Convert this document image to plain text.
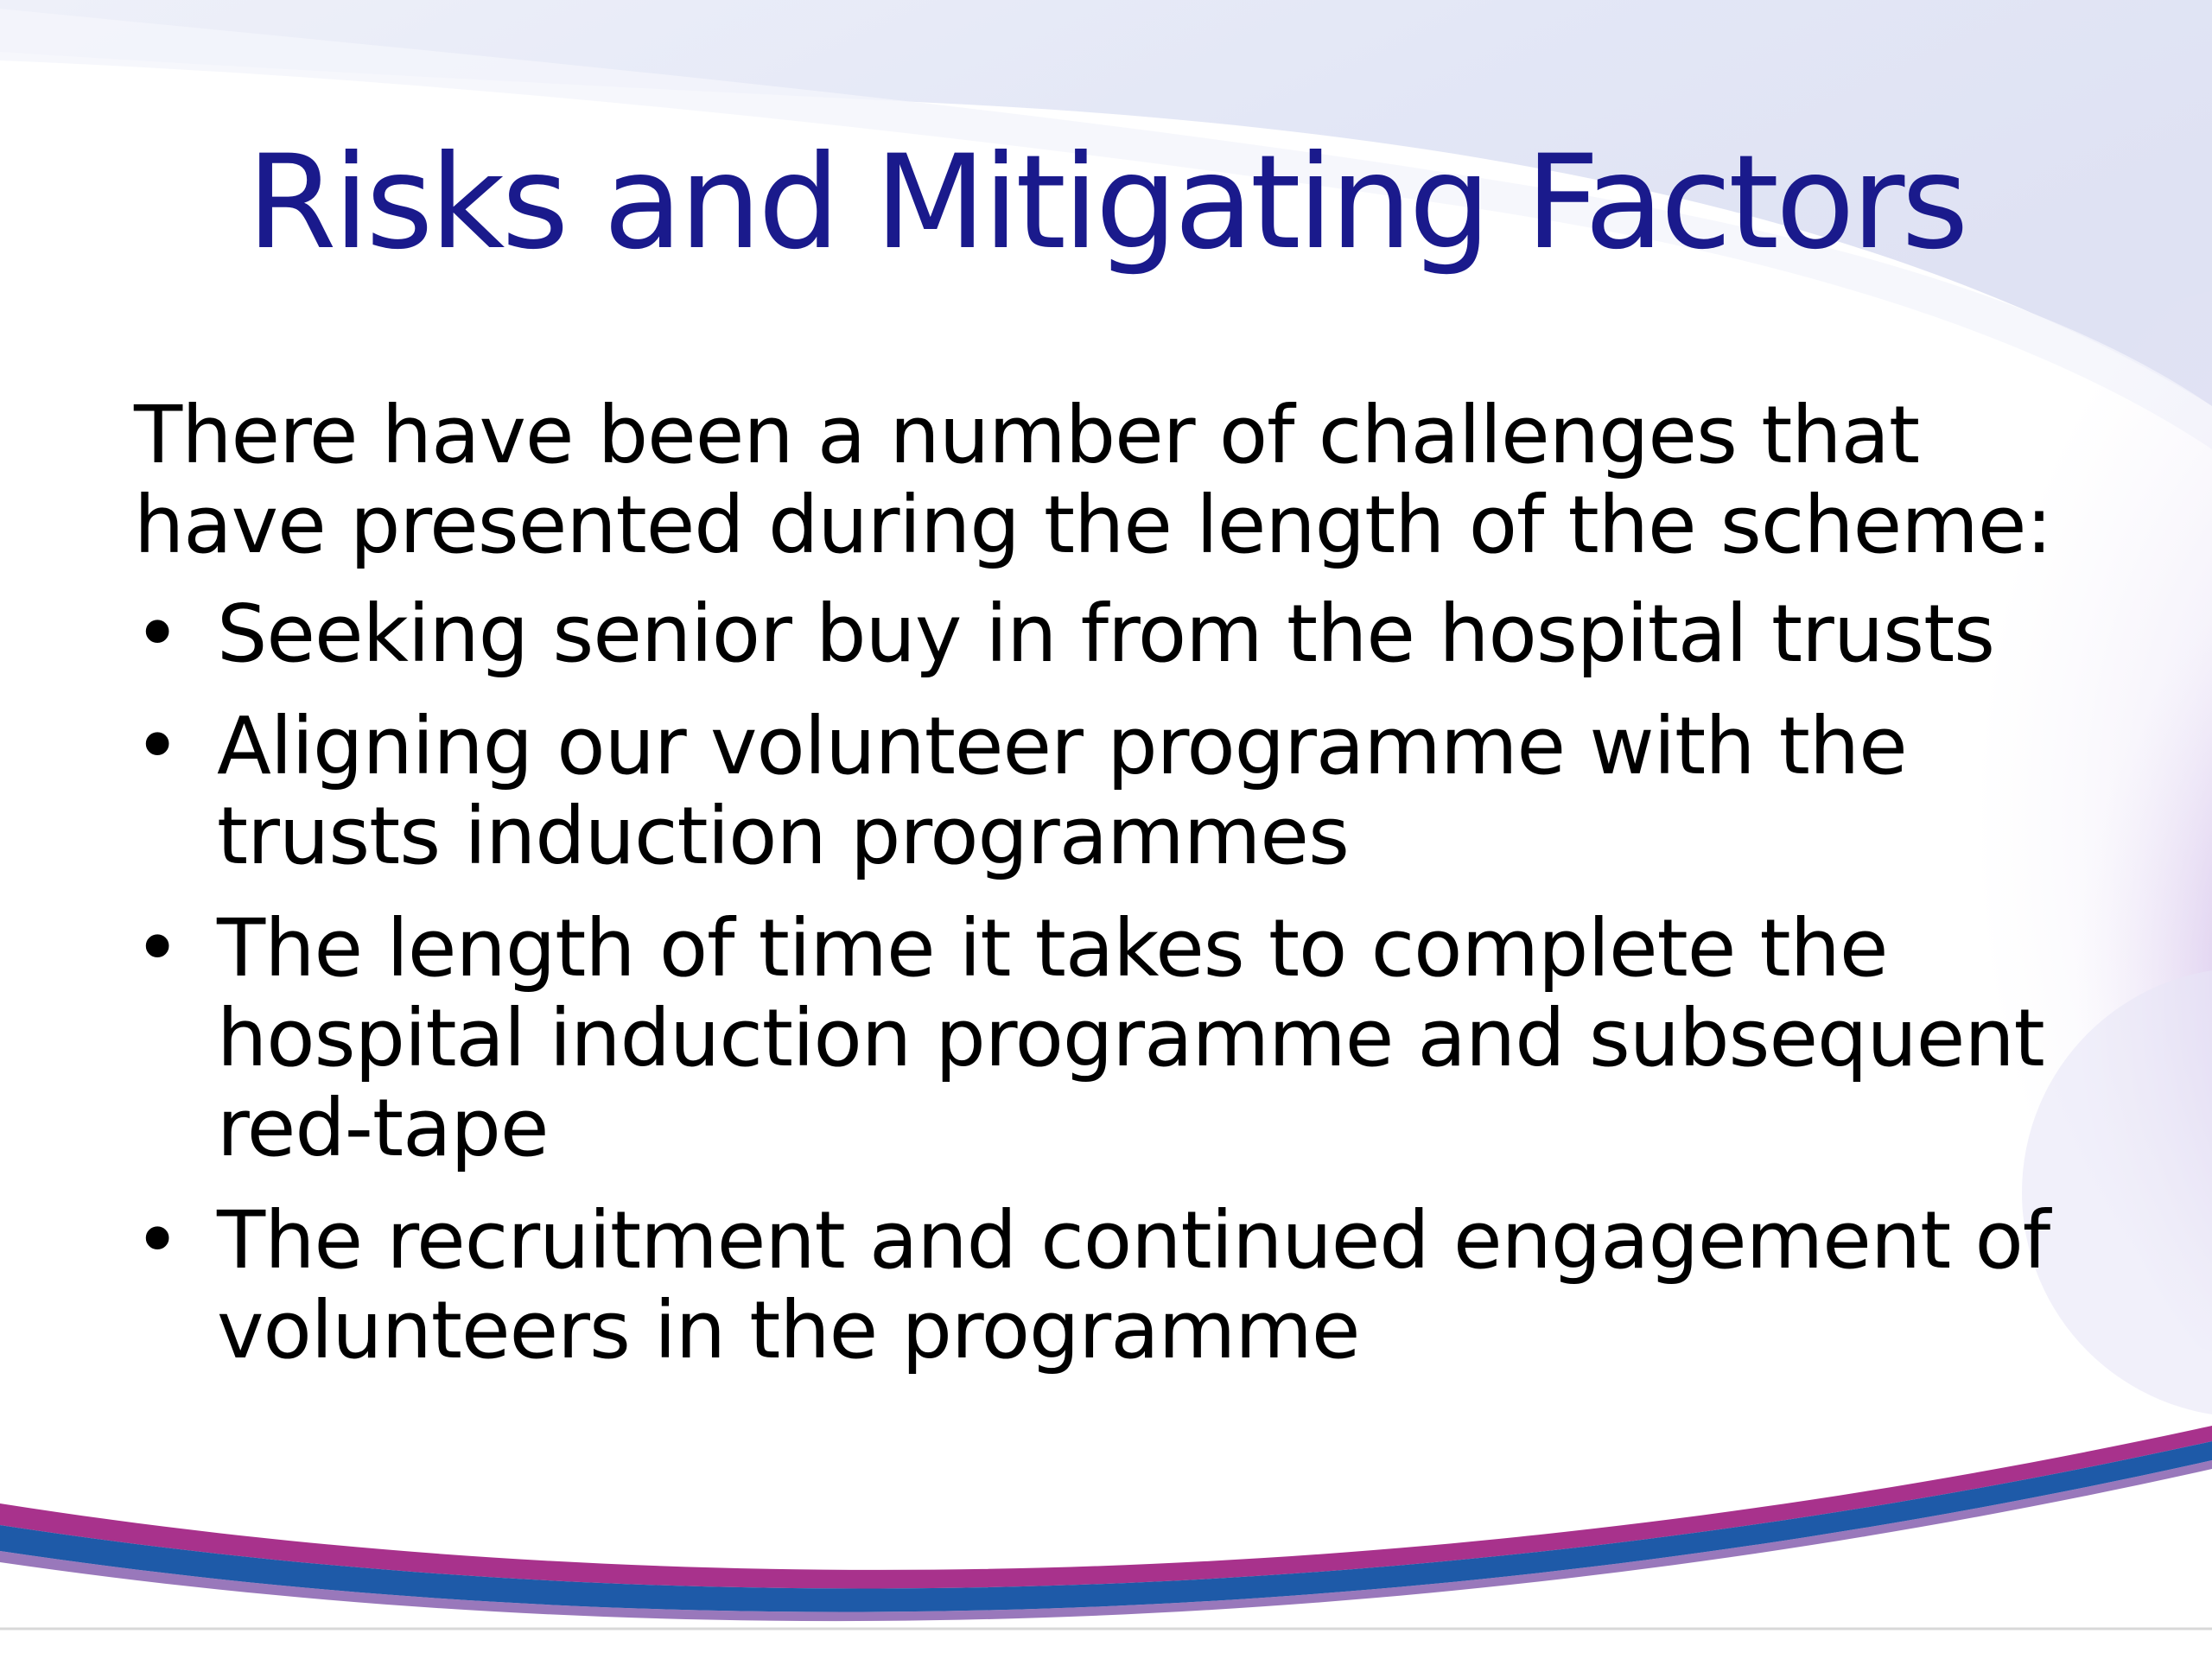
Risks and Mitigating Factors

There have been a number of challenges that have presented during the length of the scheme:

• Seeking senior buy in from the hospital trusts
• Aligning our volunteer programme with the trusts induction programmes
• The length of time it takes to complete the hospital induction programme and subsequent red-tape
• The recruitment and continued engagement of volunteers in the programme
